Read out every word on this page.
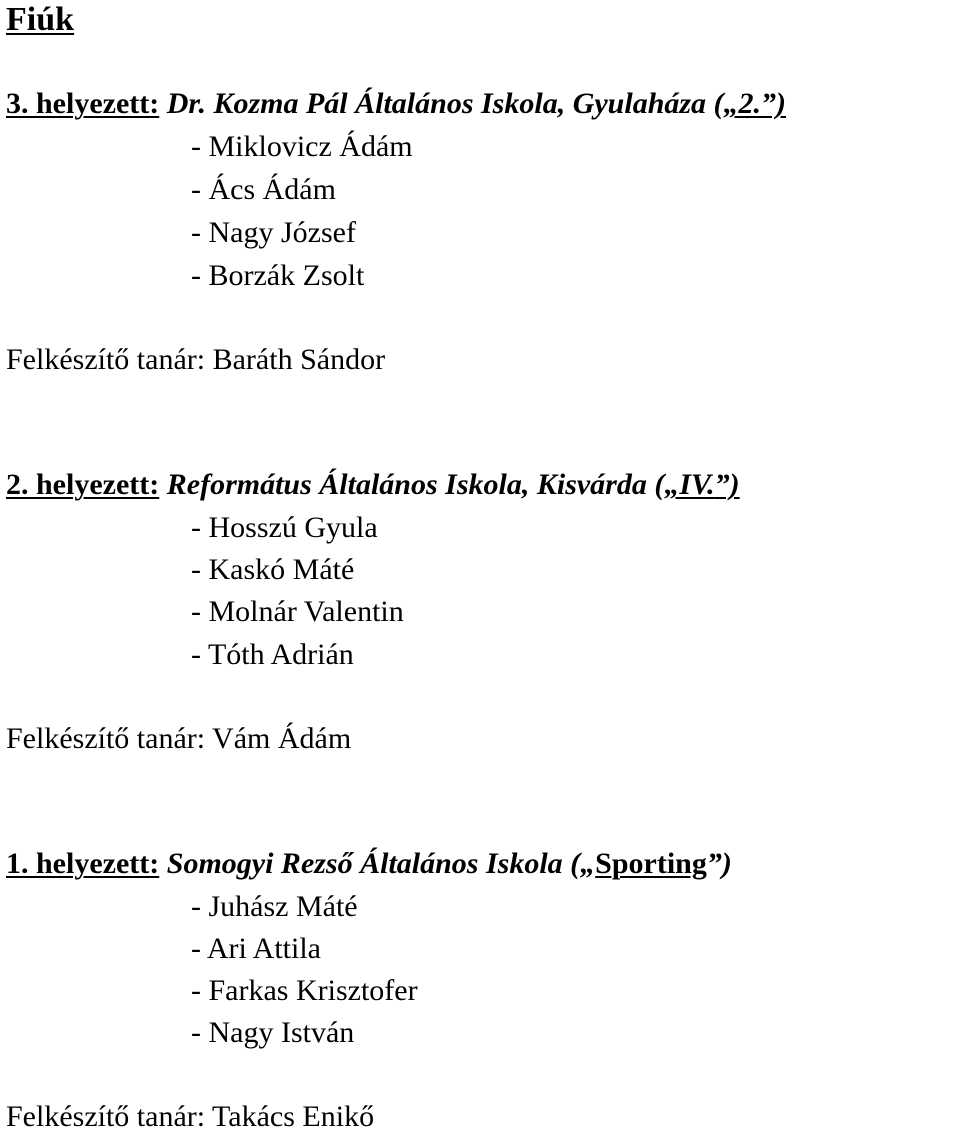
Fiúk
3. helyezett: Dr. Kozma Pál Általános Iskola, Gyulaháza („2.”)
- Miklovicz Ádám
- Ács Ádám
- Nagy József
- Borzák Zsolt
Felkészítő tanár: Baráth Sándor
2. helyezett: Református Általános Iskola, Kisvárda („IV.”)
- Hosszú Gyula
- Kaskó Máté
- Molnár Valentin
- Tóth Adrián
Felkészítő tanár: Vám Ádám
1. helyezett: Somogyi Rezső Általános Iskola („Sporting”)
- Juhász Máté
- Ari Attila
- Farkas Krisztofer
- Nagy István
Felkészítő tanár: Takács Enikő
